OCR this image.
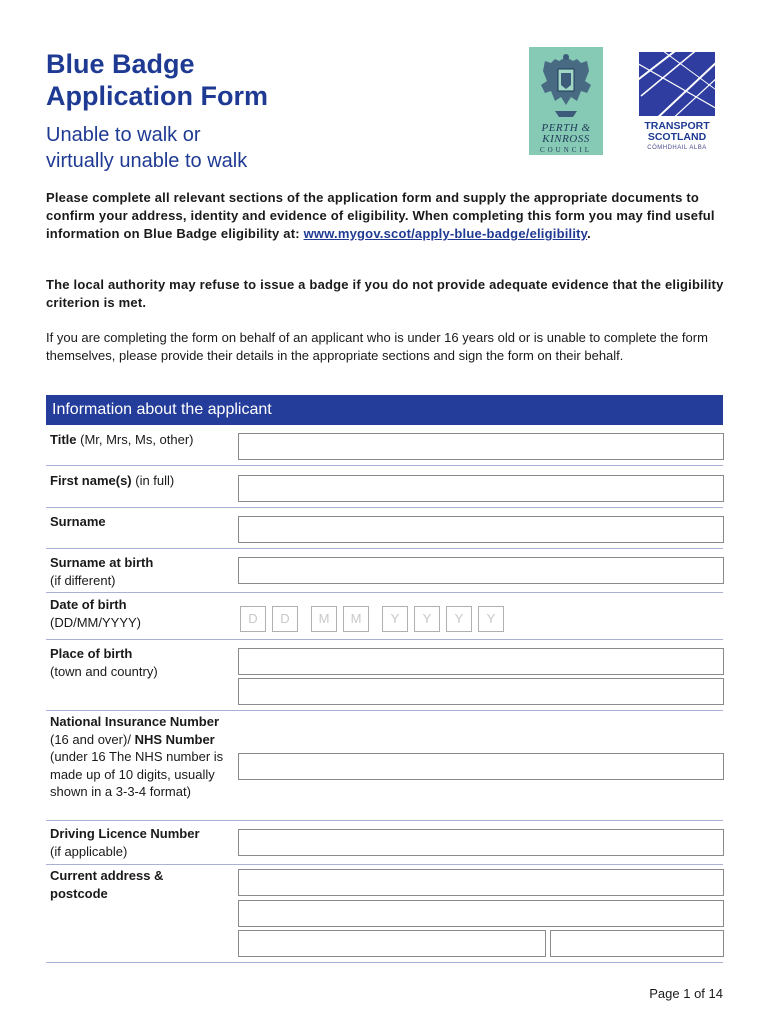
Blue Badge
Application Form
Unable to walk or
virtually unable to walk
PERTH &
KINROSS
COUNCIL
TRANSPORT
SCOTLAND
CÒMHDHAIL ALBA
Please complete all relevant sections of the application form and supply the appropriate documents to confirm your address, identity and evidence of eligibility. When completing this form you may find useful information on Blue Badge eligibility at: www.mygov.scot/apply-blue-badge/eligibility.
The local authority may refuse to issue a badge if you do not provide adequate evidence that the eligibility criterion is met.
If you are completing the form on behalf of an applicant who is under 16 years old or is unable to complete the form themselves, please provide their details in the appropriate sections and sign the form on their behalf.
Information about the applicant
Title (Mr, Mrs, Ms, other)
First name(s) (in full)
Surname
Surname at birth
(if different)
Date of birth
(DD/MM/YYYY)	D	D	M	M	Y	Y	Y	Y
Place of birth
(town and country)
National Insurance Number (16 and over)/ NHS Number (under 16 The NHS number is made up of 10 digits, usually shown in a 3-3-4 format)
Driving Licence Number
(if applicable)
Current address & postcode
Page 1 of 14
